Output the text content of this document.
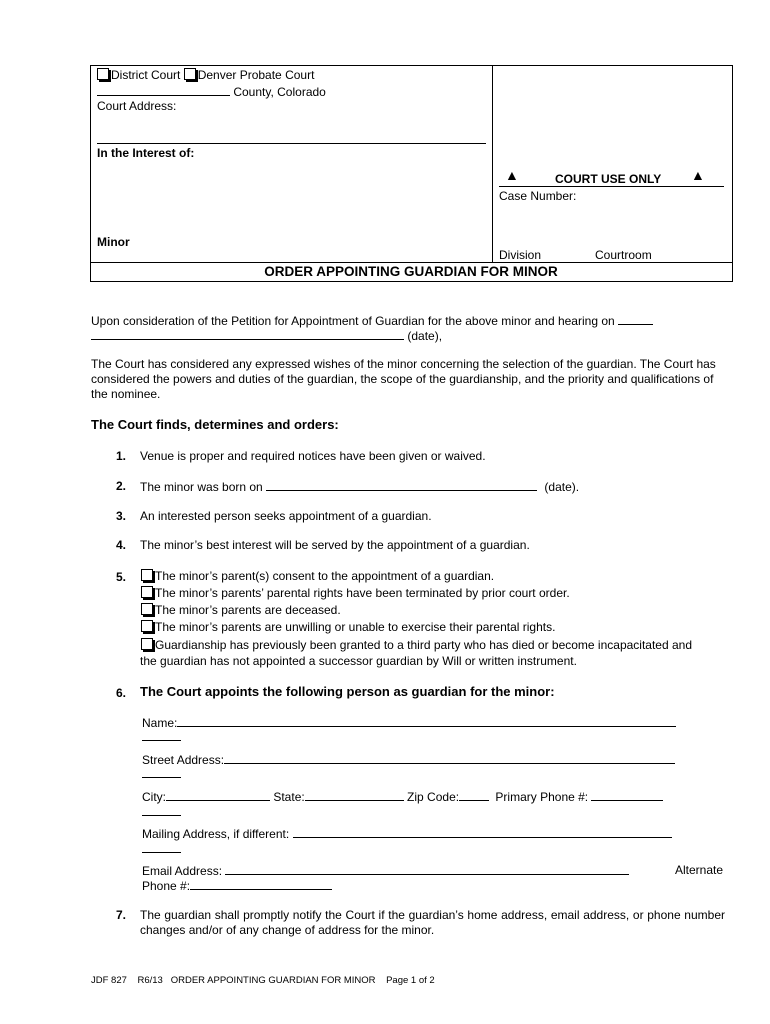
District Court Denver Probate Court
County, Colorado
Court Address:
In the Interest of:
Minor
▲	COURT USE ONLY ▲
Case Number:
Division	Courtroom
ORDER APPOINTING GUARDIAN FOR MINOR
Upon consideration of the Petition for Appointment of Guardian for the above minor and hearing on
(date),

The Court has considered any expressed wishes of the minor concerning the selection of the guardian. The Court has considered the powers and duties of the guardian, the scope of the guardianship, and the priority and qualifications of the nominee.

The Court finds, determines and orders:
1. Venue is proper and required notices have been given or waived.
2. The minor was born on	(date).
3. An interested person seeks appointment of a guardian.
4. The minor’s best interest will be served by the appointment of a guardian.
5.	The minor’s parent(s) consent to the appointment of a guardian.
The minor’s parents’ parental rights have been terminated by prior court order.
The minor’s parents are deceased.
The minor’s parents are unwilling or unable to exercise their parental rights.
Guardianship has previously been granted to a third party who has died or become incapacitated and
the guardian has not appointed a successor guardian by Will or written instrument.
6. The Court appoints the following person as guardian for the minor:
Name:
Street Address:
City:	State:	Zip Code:	Primary Phone #:
Mailing Address, if different:
Email Address:	Alternate
Phone #:
7. The guardian shall promptly notify the Court if the guardian’s home address, email address, or phone number changes and/or of any change of address for the minor.

JDF 827    R6/13   ORDER APPOINTING GUARDIAN FOR MINOR    Page 1 of 2
